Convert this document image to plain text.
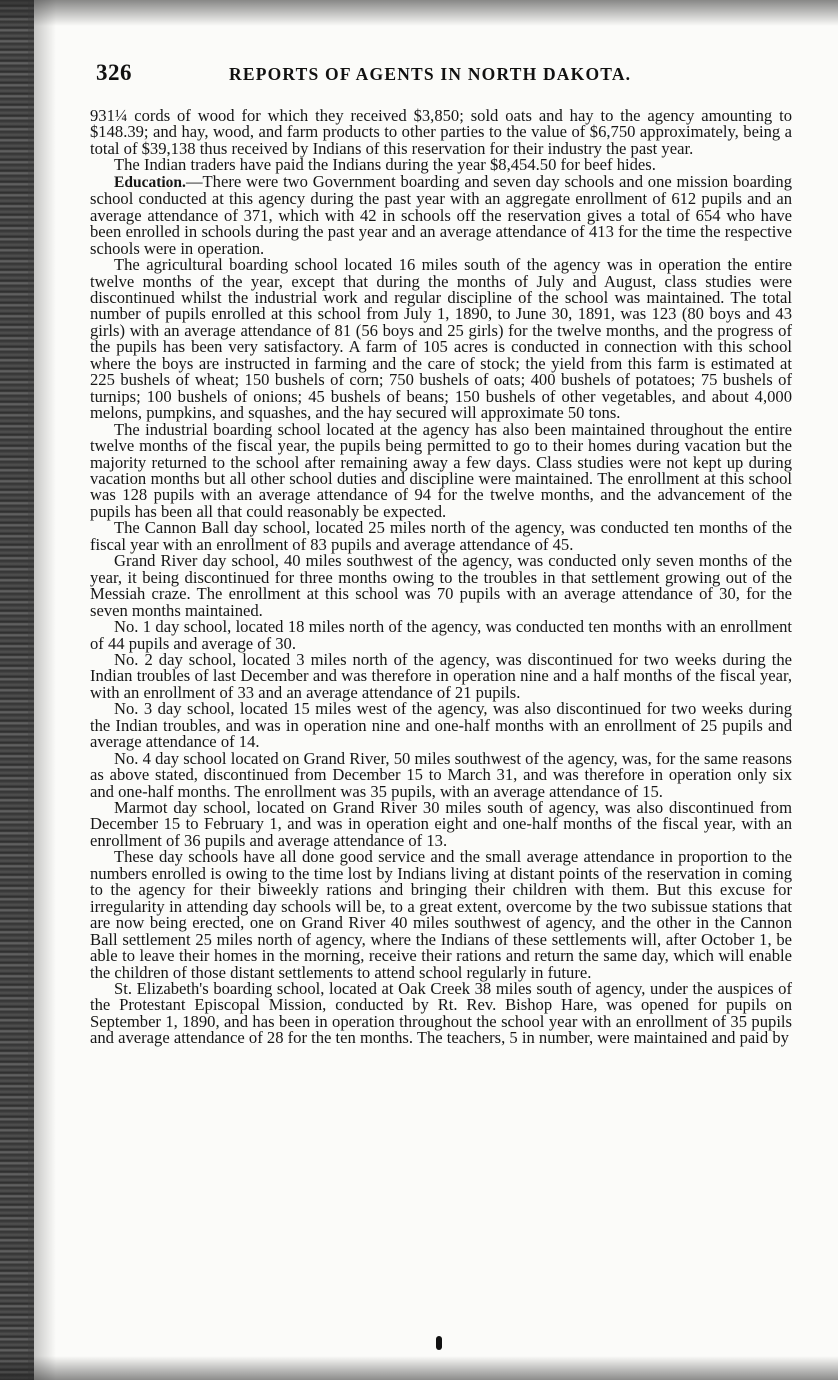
326	REPORTS OF AGENTS IN NORTH DAKOTA.

931¼ cords of wood for which they received $3,850; sold oats and hay to the agency amounting to $148.39; and hay, wood, and farm products to other parties to the value of $6,750 approximately, being a total of $39,138 thus received by Indians of this reservation for their industry the past year.

The Indian traders have paid the Indians during the year $8,454.50 for beef hides.

Education.—There were two Government boarding and seven day schools and one mission boarding school conducted at this agency during the past year with an aggregate enrollment of 612 pupils and an average attendance of 371, which with 42 in schools off the reservation gives a total of 654 who have been enrolled in schools during the past year and an average attendance of 413 for the time the respective schools were in operation.

The agricultural boarding school located 16 miles south of the agency was in operation the entire twelve months of the year, except that during the months of July and August, class studies were discontinued whilst the industrial work and regular discipline of the school was maintained. The total number of pupils enrolled at this school from July 1, 1890, to June 30, 1891, was 123 (80 boys and 43 girls) with an average attendance of 81 (56 boys and 25 girls) for the twelve months, and the progress of the pupils has been very satisfactory. A farm of 105 acres is conducted in connection with this school where the boys are instructed in farming and the care of stock; the yield from this farm is estimated at 225 bushels of wheat; 150 bushels of corn; 750 bushels of oats; 400 bushels of potatoes; 75 bushels of turnips; 100 bushels of onions; 45 bushels of beans; 150 bushels of other vegetables, and about 4,000 melons, pumpkins, and squashes, and the hay secured will approximate 50 tons.

The industrial boarding school located at the agency has also been maintained throughout the entire twelve months of the fiscal year, the pupils being permitted to go to their homes during vacation but the majority returned to the school after remaining away a few days. Class studies were not kept up during vacation months but all other school duties and discipline were maintained. The enrollment at this school was 128 pupils with an average attendance of 94 for the twelve months, and the advancement of the pupils has been all that could reasonably be expected.

The Cannon Ball day school, located 25 miles north of the agency, was conducted ten months of the fiscal year with an enrollment of 83 pupils and average attendance of 45.

Grand River day school, 40 miles southwest of the agency, was conducted only seven months of the year, it being discontinued for three months owing to the troubles in that settlement growing out of the Messiah craze. The enrollment at this school was 70 pupils with an average attendance of 30, for the seven months maintained.

No. 1 day school, located 18 miles north of the agency, was conducted ten months with an enrollment of 44 pupils and average of 30.

No. 2 day school, located 3 miles north of the agency, was discontinued for two weeks during the Indian troubles of last December and was therefore in operation nine and a half months of the fiscal year, with an enrollment of 33 and an average attendance of 21 pupils.

No. 3 day school, located 15 miles west of the agency, was also discontinued for two weeks during the Indian troubles, and was in operation nine and one-half months with an enrollment of 25 pupils and average attendance of 14.

No. 4 day school located on Grand River, 50 miles southwest of the agency, was, for the same reasons as above stated, discontinued from December 15 to March 31, and was therefore in operation only six and one-half months. The enrollment was 35 pupils, with an average attendance of 15.

Marmot day school, located on Grand River 30 miles south of agency, was also discontinued from December 15 to February 1, and was in operation eight and one-half months of the fiscal year, with an enrollment of 36 pupils and average attendance of 13.

These day schools have all done good service and the small average attendance in proportion to the numbers enrolled is owing to the time lost by Indians living at distant points of the reservation in coming to the agency for their biweekly rations and bringing their children with them. But this excuse for irregularity in attending day schools will be, to a great extent, overcome by the two subissue stations that are now being erected, one on Grand River 40 miles southwest of agency, and the other in the Cannon Ball settlement 25 miles north of agency, where the Indians of these settlements will, after October 1, be able to leave their homes in the morning, receive their rations and return the same day, which will enable the children of those distant settlements to attend school regularly in future.

St. Elizabeth's boarding school, located at Oak Creek 38 miles south of agency, under the auspices of the Protestant Episcopal Mission, conducted by Rt. Rev. Bishop Hare, was opened for pupils on September 1, 1890, and has been in operation throughout the school year with an enrollment of 35 pupils and average attendance of 28 for the ten months. The teachers, 5 in number, were maintained and paid by
